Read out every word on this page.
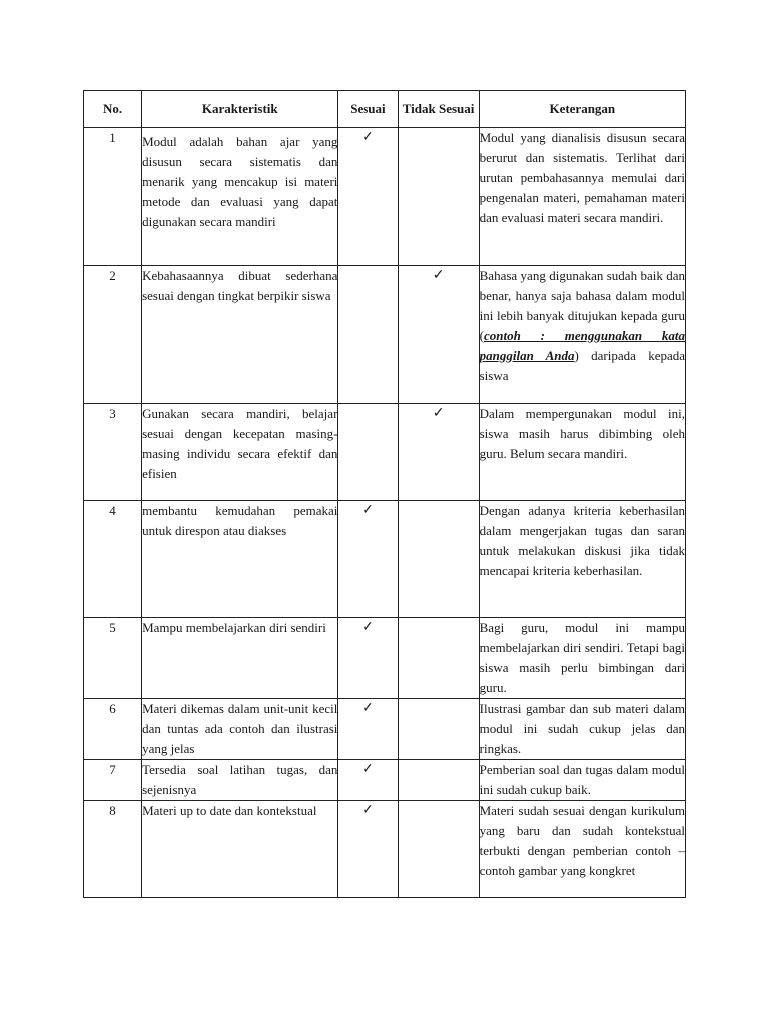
No.	Karakteristik	Sesuai	Tidak Sesuai	Keterangan
1	Modul adalah bahan ajar yang disusun secara sistematis dan menarik yang mencakup isi materi metode dan evaluasi yang dapat digunakan secara mandiri	✓		Modul yang dianalisis disusun secara berurut dan sistematis. Terlihat dari urutan pembahasannya memulai dari pengenalan materi, pemahaman materi dan evaluasi materi secara mandiri.
2	Kebahasaannya dibuat sederhana sesuai dengan tingkat berpikir siswa		✓	Bahasa yang digunakan sudah baik dan benar, hanya saja bahasa dalam modul ini lebih banyak ditujukan kepada guru (contoh : menggunakan kata panggilan Anda) daripada kepada siswa
3	Gunakan secara mandiri, belajar sesuai dengan kecepatan masing-masing individu secara efektif dan efisien		✓	Dalam mempergunakan modul ini, siswa masih harus dibimbing oleh guru. Belum secara mandiri.
4	membantu kemudahan pemakai untuk direspon atau diakses	✓		Dengan adanya kriteria keberhasilan dalam mengerjakan tugas dan saran untuk melakukan diskusi jika tidak mencapai kriteria keberhasilan.
5	Mampu membelajarkan diri sendiri	✓		Bagi guru, modul ini mampu membelajarkan diri sendiri. Tetapi bagi siswa masih perlu bimbingan dari guru.
6	Materi dikemas dalam unit-unit kecil dan tuntas ada contoh dan ilustrasi yang jelas	✓		Ilustrasi gambar dan sub materi dalam modul ini sudah cukup jelas dan ringkas.
7	Tersedia soal latihan tugas, dan sejenisnya	✓		Pemberian soal dan tugas dalam modul ini sudah cukup baik.
8	Materi up to date dan kontekstual	✓		Materi sudah sesuai dengan kurikulum yang baru dan sudah kontekstual terbukti dengan pemberian contoh – contoh gambar yang kongkret
